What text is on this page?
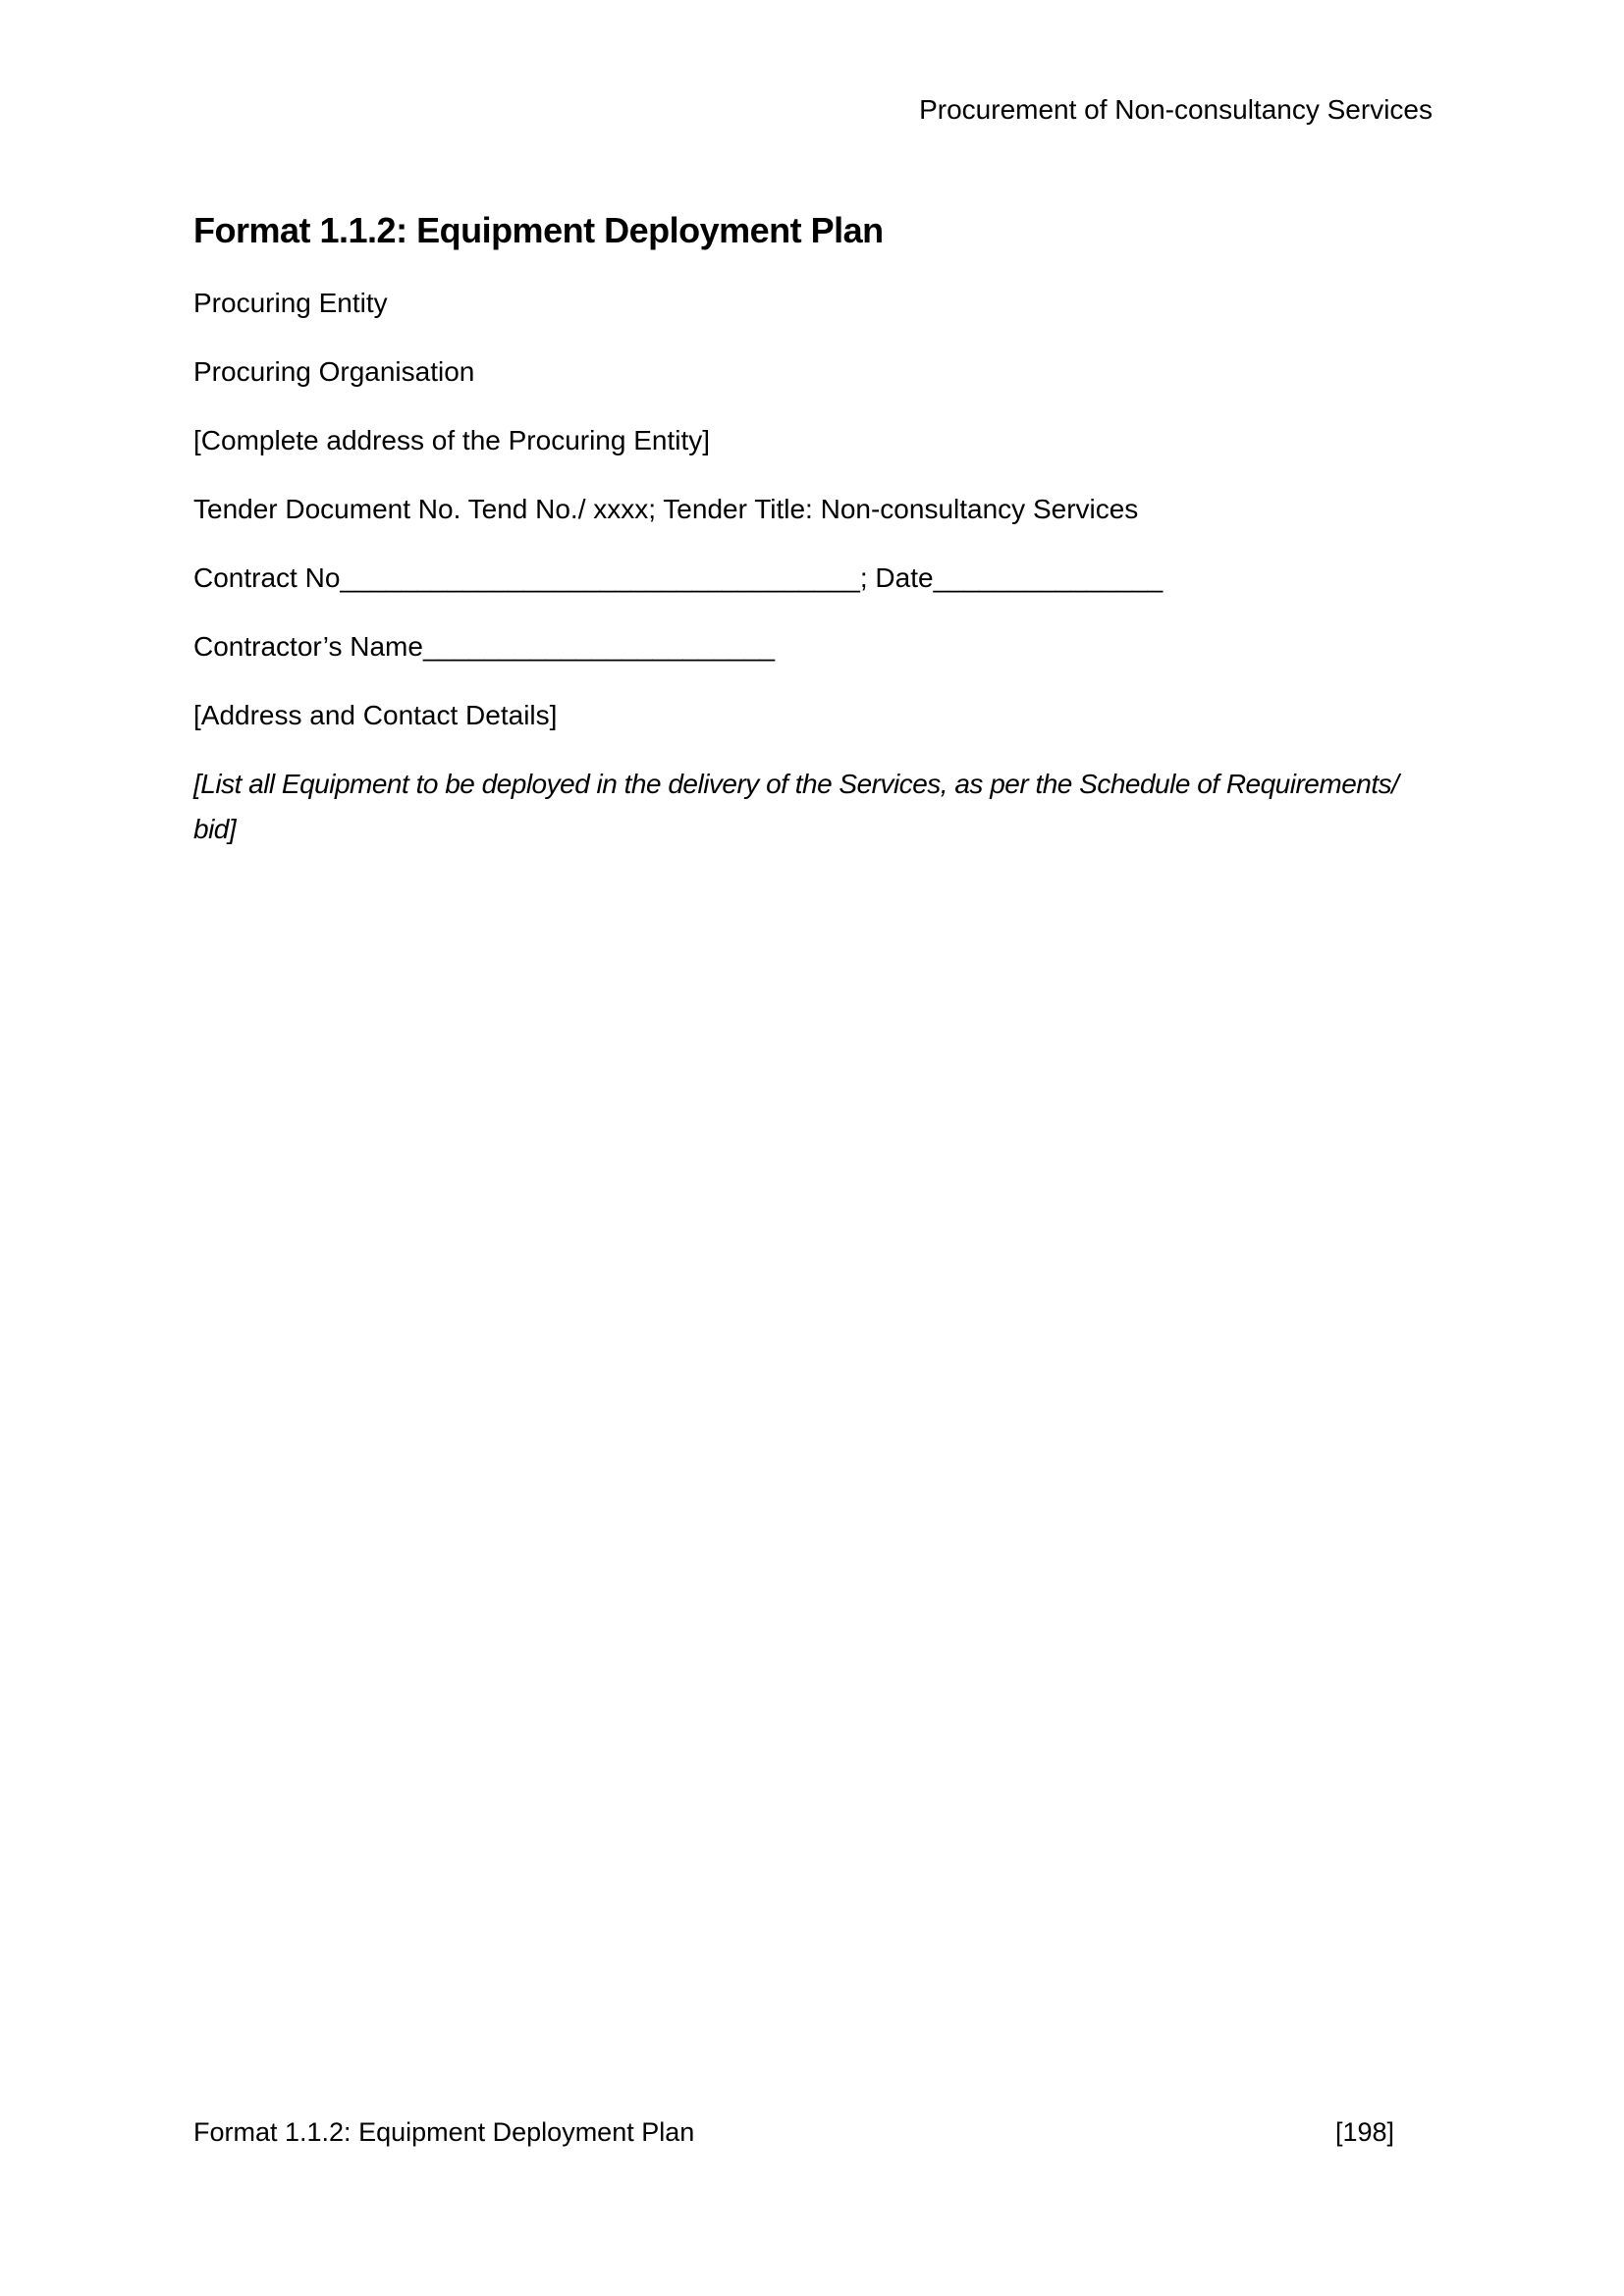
Procurement of Non-consultancy Services
Format 1.1.2: Equipment Deployment Plan

Procuring Entity

Procuring Organisation

[Complete address of the Procuring Entity]

Tender Document No. Tend No./ xxxx; Tender Title: Non-consultancy Services

Contract No__________________________________; Date_______________

Contractor’s Name_______________________

[Address and Contact Details]

[List all Equipment to be deployed in the delivery of the Services, as per the Schedule of Requirements/ bid]

Format 1.1.2: Equipment Deployment Plan	[198]
